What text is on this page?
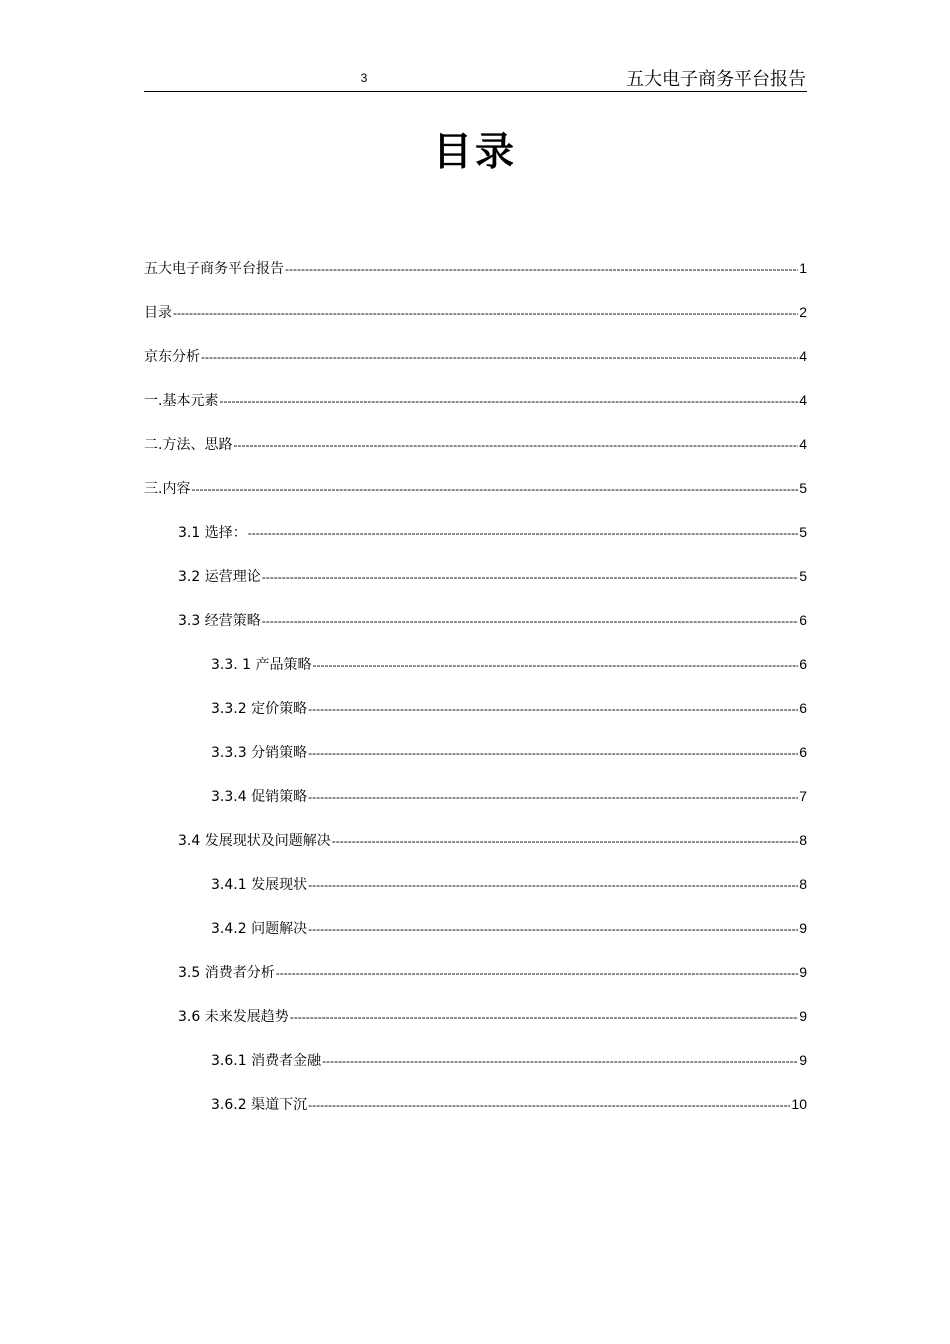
3	五大电子商务平台报告
目录
五大电子商务平台报告 -----	1
目录 -----	2
京东分析 -----	4
一.基本元素 -----	4
二.方法、思路 -----	4
三.内容 -----	5
3.1 选择： -----	5
3.2 运营理论 -----	5
3.3 经营策略 -----	6
3.3. 1 产品策略 -----	6
3.3.2 定价策略 -----	6
3.3.3 分销策略 -----	6
3.3.4 促销策略 -----	7
3.4 发展现状及问题解决 -----	8
3.4.1 发展现状 -----	8
3.4.2 问题解决 -----	9
3.5 消费者分析 -----	9
3.6 未来发展趋势 -----	9
3.6.1 消费者金融 -----	9
3.6.2 渠道下沉 -----	10
